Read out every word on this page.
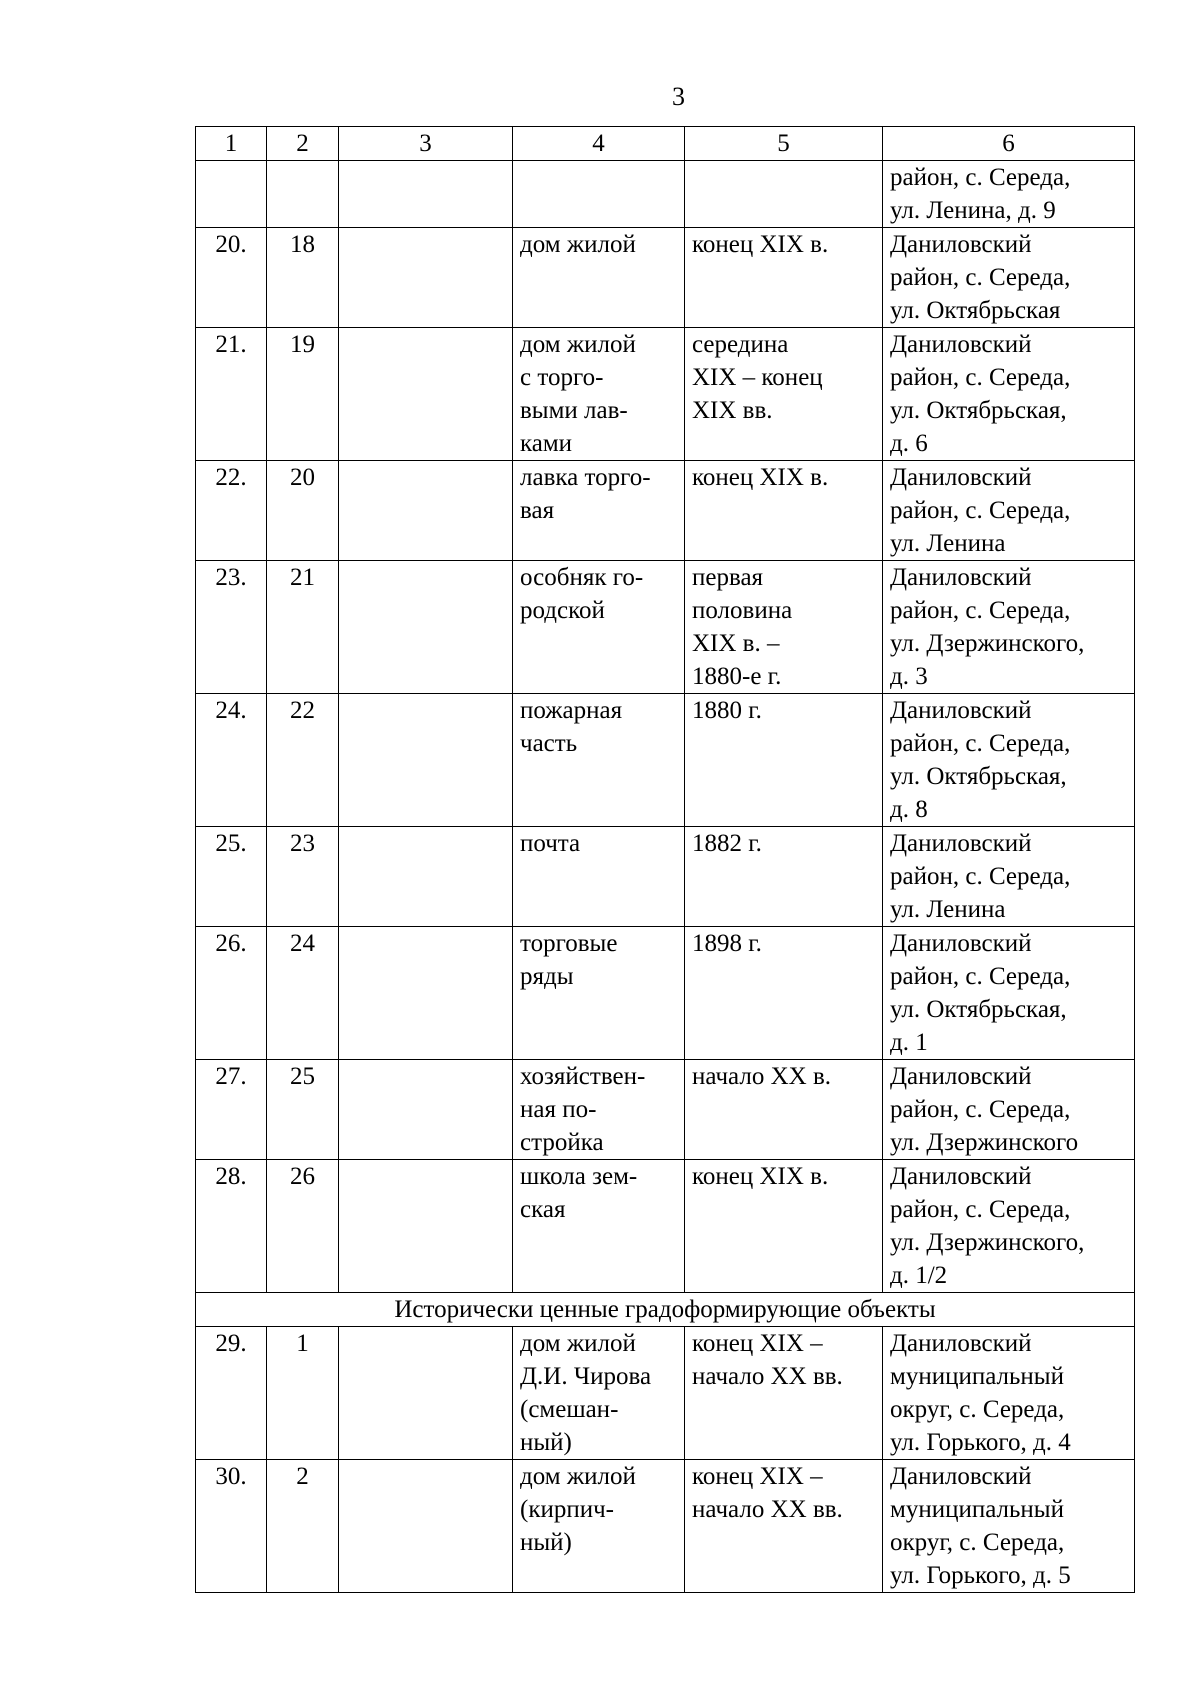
3
1	2	3	4	5	6
					район, с. Середа,
ул. Ленина, д. 9
20.	18		дом жилой	конец XIX в.	Даниловский
район, с. Середа,
ул. Октябрьская
21.	19		дом жилой
с торго-
выми лав-
ками	середина
XIX – конец
XIX вв.	Даниловский
район, с. Середа,
ул. Октябрьская,
д. 6
22.	20		лавка торго-
вая	конец XIX в.	Даниловский
район, с. Середа,
ул. Ленина
23.	21		особняк го-
родской	первая
половина
XIX в. –
1880-е г.	Даниловский
район, с. Середа,
ул. Дзержинского,
д. 3
24.	22		пожарная
часть	1880 г.	Даниловский
район, с. Середа,
ул. Октябрьская,
д. 8
25.	23		почта	1882 г.	Даниловский
район, с. Середа,
ул. Ленина
26.	24		торговые
ряды	1898 г.	Даниловский
район, с. Середа,
ул. Октябрьская,
д. 1
27.	25		хозяйствен-
ная по-
стройка	начало XX в.	Даниловский
район, с. Середа,
ул. Дзержинского
28.	26		школа зем-
ская	конец XIX в.	Даниловский
район, с. Середа,
ул. Дзержинского,
д. 1/2
Исторически ценные градоформирующие объекты					
29.	1		дом жилой
Д.И. Чирова
(смешан-
ный)	конец XIX –
начало XX вв.	Даниловский
муниципальный
округ, с. Середа,
ул. Горького, д. 4
30.	2		дом жилой
(кирпич-
ный)	конец XIX –
начало XX вв.	Даниловский
муниципальный
округ, с. Середа,
ул. Горького, д. 5
